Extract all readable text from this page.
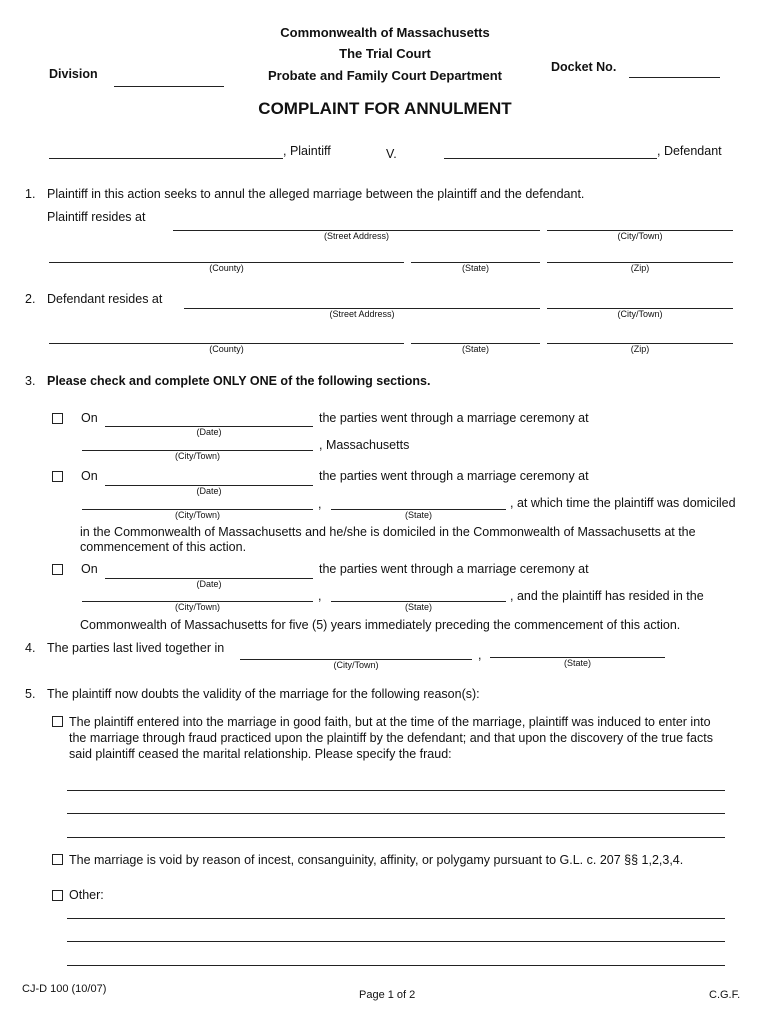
Commonwealth of Massachusetts
The Trial Court
Probate and Family Court Department
Division	Docket No.
COMPLAINT FOR ANNULMENT
, Plaintiff	V.	, Defendant
1. Plaintiff in this action seeks to annul the alleged marriage between the plaintiff and the defendant.
Plaintiff resides at
(Street Address)	(City/Town)
(County)	(State)	(Zip)
2. Defendant resides at
(Street Address)	(City/Town)
(County)	(State)	(Zip)
3. Please check and complete ONLY ONE of the following sections.
On
(Date)
the parties went through a marriage ceremony at
(City/Town)
, Massachusetts
On
(Date)
the parties went through a marriage ceremony at
(City/Town)
,
(State)
, at which time the plaintiff was domiciled
in the Commonwealth of Massachusetts and he/she is domiciled in the Commonwealth of Massachusetts at the
commencement of this action.
On
(Date)
the parties went through a marriage ceremony at
(City/Town)
,
(State)
, and the plaintiff has resided in the
Commonwealth of Massachusetts for five (5) years immediately preceding the commencement of this action.
4. The parties last lived together in
(City/Town)
,
(State)
5. The plaintiff now doubts the validity of the marriage for the following reason(s):
The plaintiff entered into the marriage in good faith, but at the time of the marriage, plaintiff was induced to enter into
the marriage through fraud practiced upon the plaintiff by the defendant; and that upon the discovery of the true facts
said plaintiff ceased the marital relationship. Please specify the fraud:
The marriage is void by reason of incest, consanguinity, affinity, or polygamy pursuant to G.L. c. 207 §§ 1,2,3,4.
Other:
CJ-D 100 (10/07)	Page 1 of 2	C.G.F.
